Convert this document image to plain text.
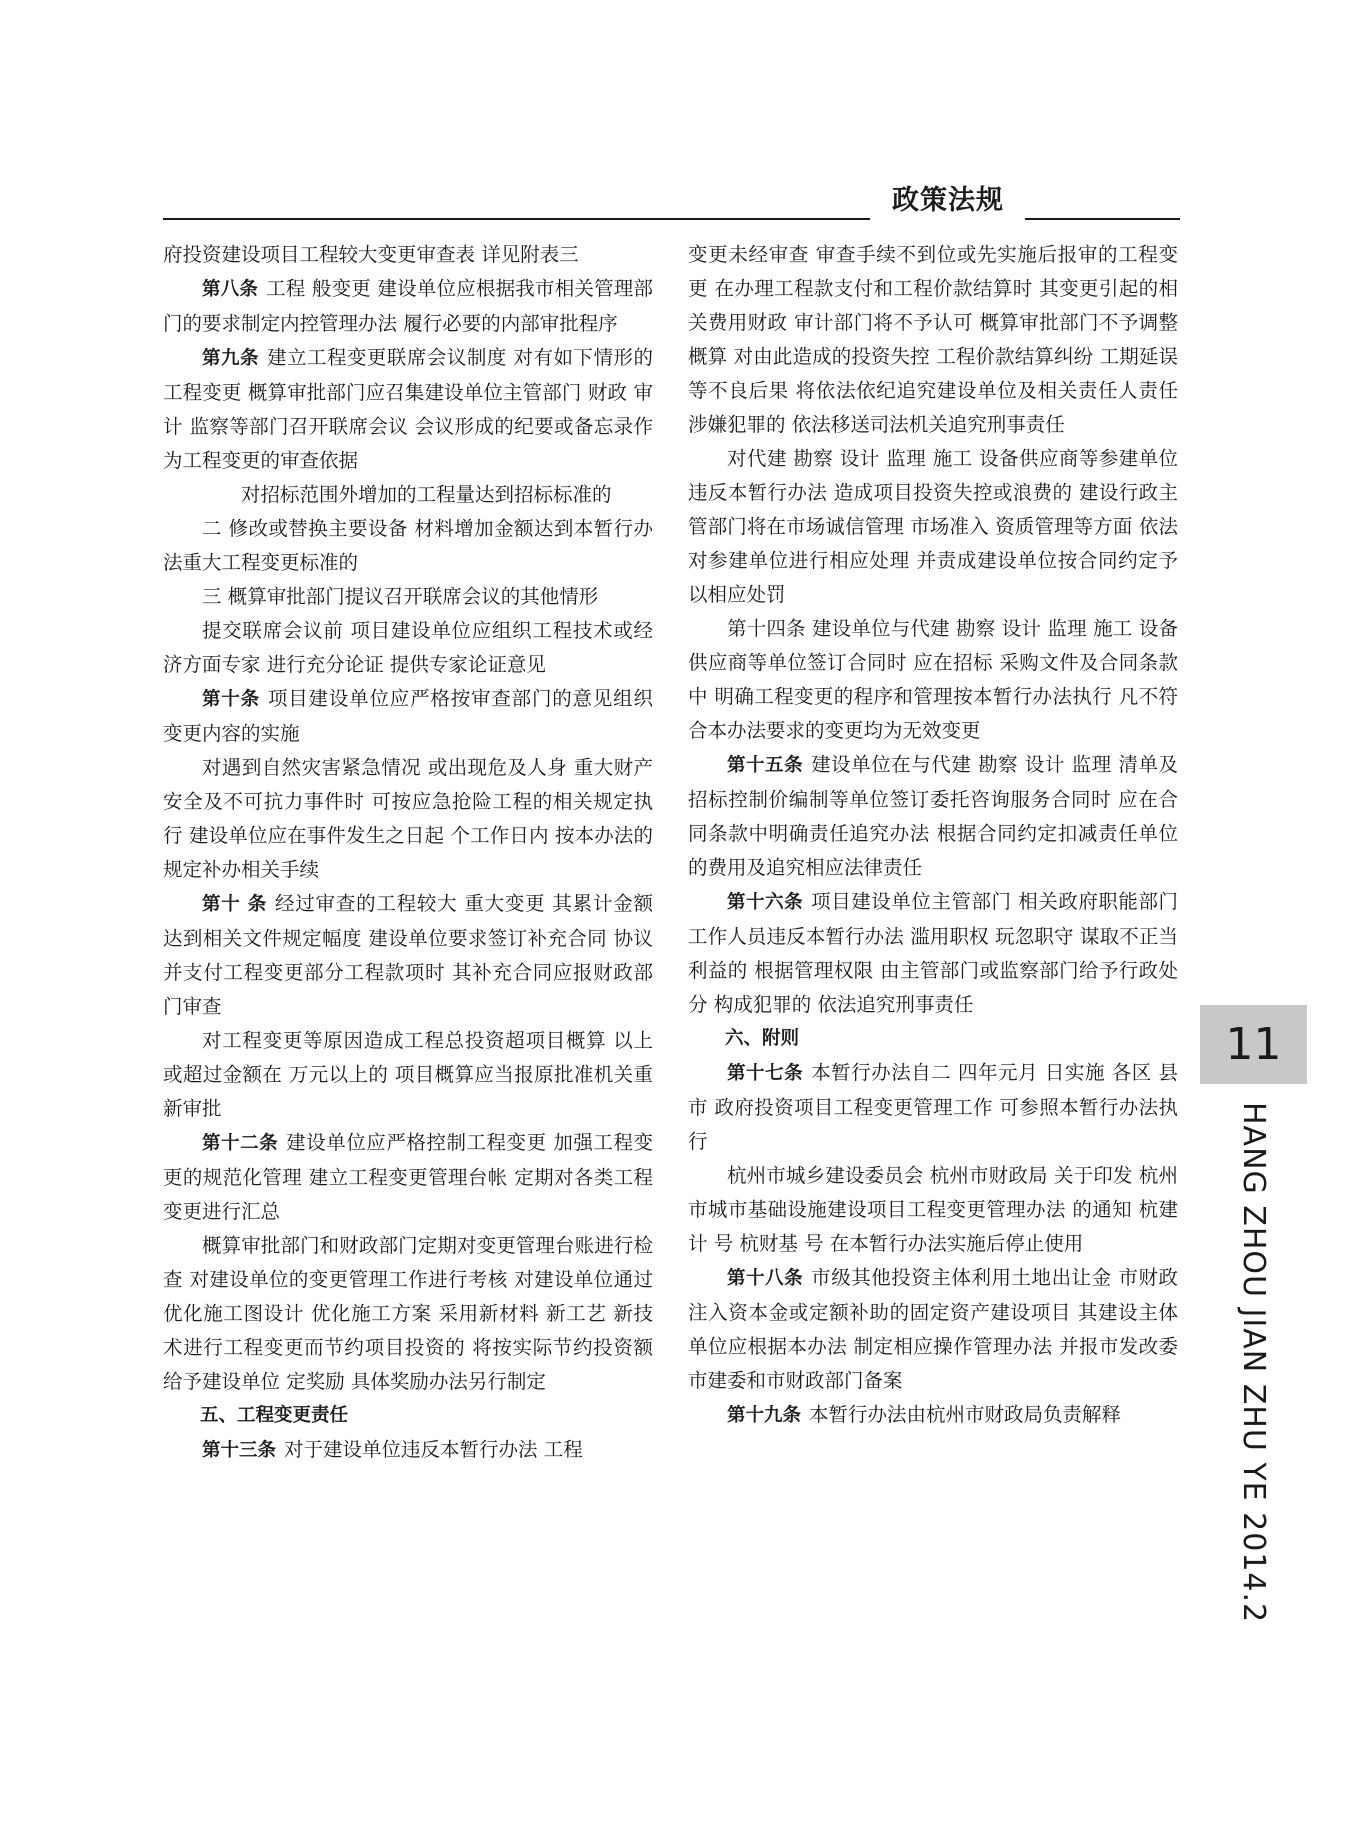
政策法规

府投资建设项目工程较大变更审查表 详见附表三

第八条 工程 般变更 建设单位应根据我市相关管理部门的要求制定内控管理办法 履行必要的内部审批程序

第九条 建立工程变更联席会议制度 对有如下情形的工程变更 概算审批部门应召集建设单位主管部门 财政 审计 监察等部门召开联席会议 会议形成的纪要或备忘录作为工程变更的审查依据

对招标范围外增加的工程量达到招标标准的

二 修改或替换主要设备 材料增加金额达到本暂行办 法重大工程变更标准的

三 概算审批部门提议召开联席会议的其他情形

提交联席会议前 项目建设单位应组织工程技术或经济方面专家 进行充分论证 提供专家论证意见

第十条 项目建设单位应严格按审查部门的意见组织变更内容的实施

对遇到自然灾害紧急情况 或出现危及人身 重大财产安全及不可抗力事件时 可按应急抢险工程的相关规定执行 建设单位应在事件发生之日起 个工作日内 按本办法的规定补办相关手续

第十 条 经过审查的工程较大 重大变更 其累计金额达到相关文件规定幅度 建设单位要求签订补充合同 协议 并支付工程变更部分工程款项时 其补充合同应报财政部门审查

对工程变更等原因造成工程总投资超项目概算 以上或超过金额在 万元以上的 项目概算应当报原批准机关重新审批

第十二条 建设单位应严格控制工程变更 加强工程变更的规范化管理 建立工程变更管理台帐 定期对各类工程变更进行汇总

概算审批部门和财政部门定期对变更管理台账进行检查 对建设单位的变更管理工作进行考核 对建设单位通过优化施工图设计 优化施工方案 采用新材料 新工艺 新技术进行工程变更而节约项目投资的 将按实际节约投资额给予建设单位 定奖励 具体奖励办法另行制定

五、工程变更责任

第十三条 对于建设单位违反本暂行办法 工程

变更未经审查 审查手续不到位或先实施后报审的工程变更 在办理工程款支付和工程价款结算时 其变更引起的相关费用财政 审计部门将不予认可 概算审批部门不予调整概算 对由此造成的投资失控 工程价款结算纠纷 工期延误等不良后果 将依法依纪追究建设单位及相关责任人责任 涉嫌犯罪的 依法移送司法机关追究刑事责任

对代建 勘察 设计 监理 施工 设备供应商等参建单位违反本暂行办法 造成项目投资失控或浪费的 建设行政主管部门将在市场诚信管理 市场准入 资质管理等方面 依法对参建单位进行相应处理 并责成建设单位按合同约定予以相应处罚

第十四条 建设单位与代建 勘察 设计 监理 施工 设备供应商等单位签订合同时 应在招标 采购文件及合同条款中 明确工程变更的程序和管理按本暂行办法执行 凡不符合本办法要求的变更均为无效变更

第十五条 建设单位在与代建 勘察 设计 监理 清单及招标控制价编制等单位签订委托咨询服务合同时 应在合同条款中明确责任追究办法 根据合同约定扣减责任单位的费用及追究相应法律责任

第十六条 项目建设单位主管部门 相关政府职能部门工作人员违反本暂行办法 滥用职权 玩忽职守 谋取不正当利益的 根据管理权限 由主管部门或监察部门给予行政处分 构成犯罪的 依法追究刑事责任

六、附则

第十七条 本暂行办法自二 四年元月 日实施 各区 县 市 政府投资项目工程变更管理工作 可参照本暂行办法执行

杭州市城乡建设委员会 杭州市财政局 关于印发 杭州市城市基础设施建设项目工程变更管理办法 的通知 杭建计 号 杭财基 号 在本暂行办法实施后停止使用

第十八条 市级其他投资主体利用土地出让金 市财政注入资本金或定额补助的固定资产建设项目 其建设主体单位应根据本办法 制定相应操作管理办法 并报市发改委 市建委和市财政部门备案

第十九条 本暂行办法由杭州市财政局负责解释

11
HANG ZHOU JIAN ZHU YE 2014.2
